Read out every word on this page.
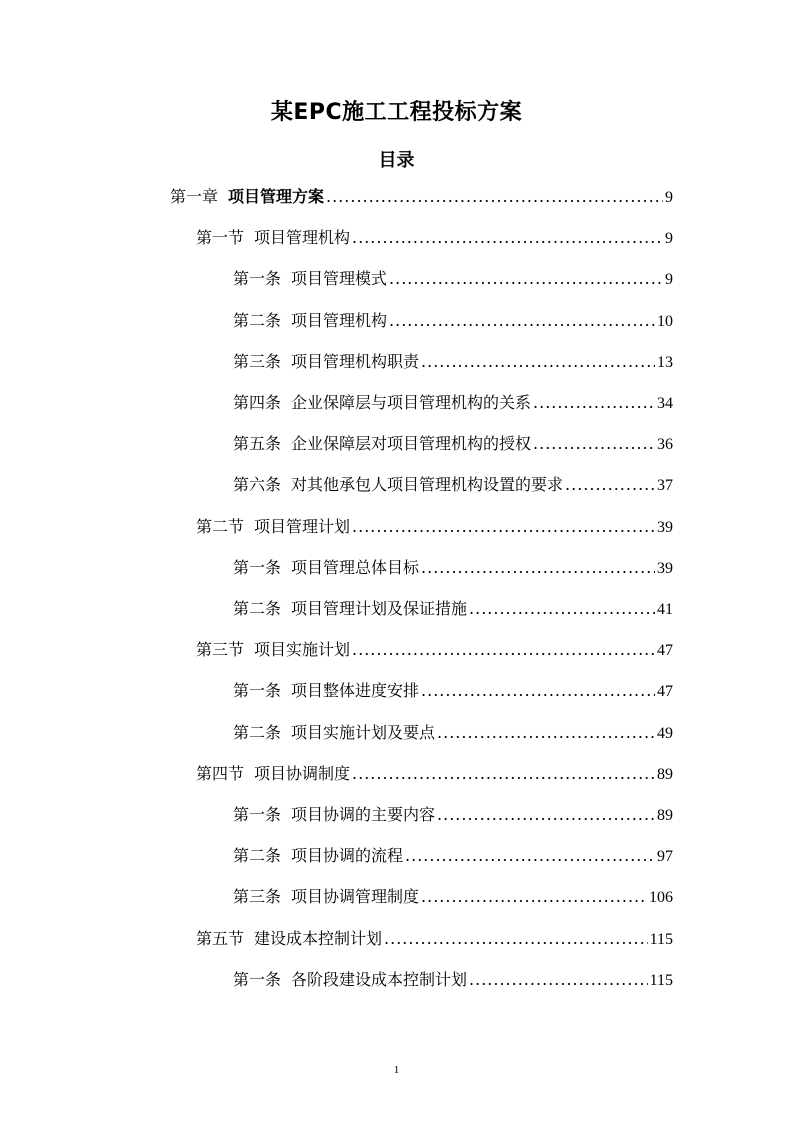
某EPC施工工程投标方案
目录
第一章 项目管理方案 .....	9
第一节 项目管理机构 .....	9
第一条 项目管理模式 .....	9
第二条 项目管理机构 .....	10
第三条 项目管理机构职责 .....	13
第四条 企业保障层与项目管理机构的关系 .....	34
第五条 企业保障层对项目管理机构的授权 .....	36
第六条 对其他承包人项目管理机构设置的要求 .....	37
第二节 项目管理计划 .....	39
第一条 项目管理总体目标 .....	39
第二条 项目管理计划及保证措施 .....	41
第三节 项目实施计划 .....	47
第一条 项目整体进度安排 .....	47
第二条 项目实施计划及要点 .....	49
第四节 项目协调制度 .....	89
第一条 项目协调的主要内容 .....	89
第二条 项目协调的流程 .....	97
第三条 项目协调管理制度 .....	106
第五节 建设成本控制计划 .....	115
第一条 各阶段建设成本控制计划 .....	115
1
